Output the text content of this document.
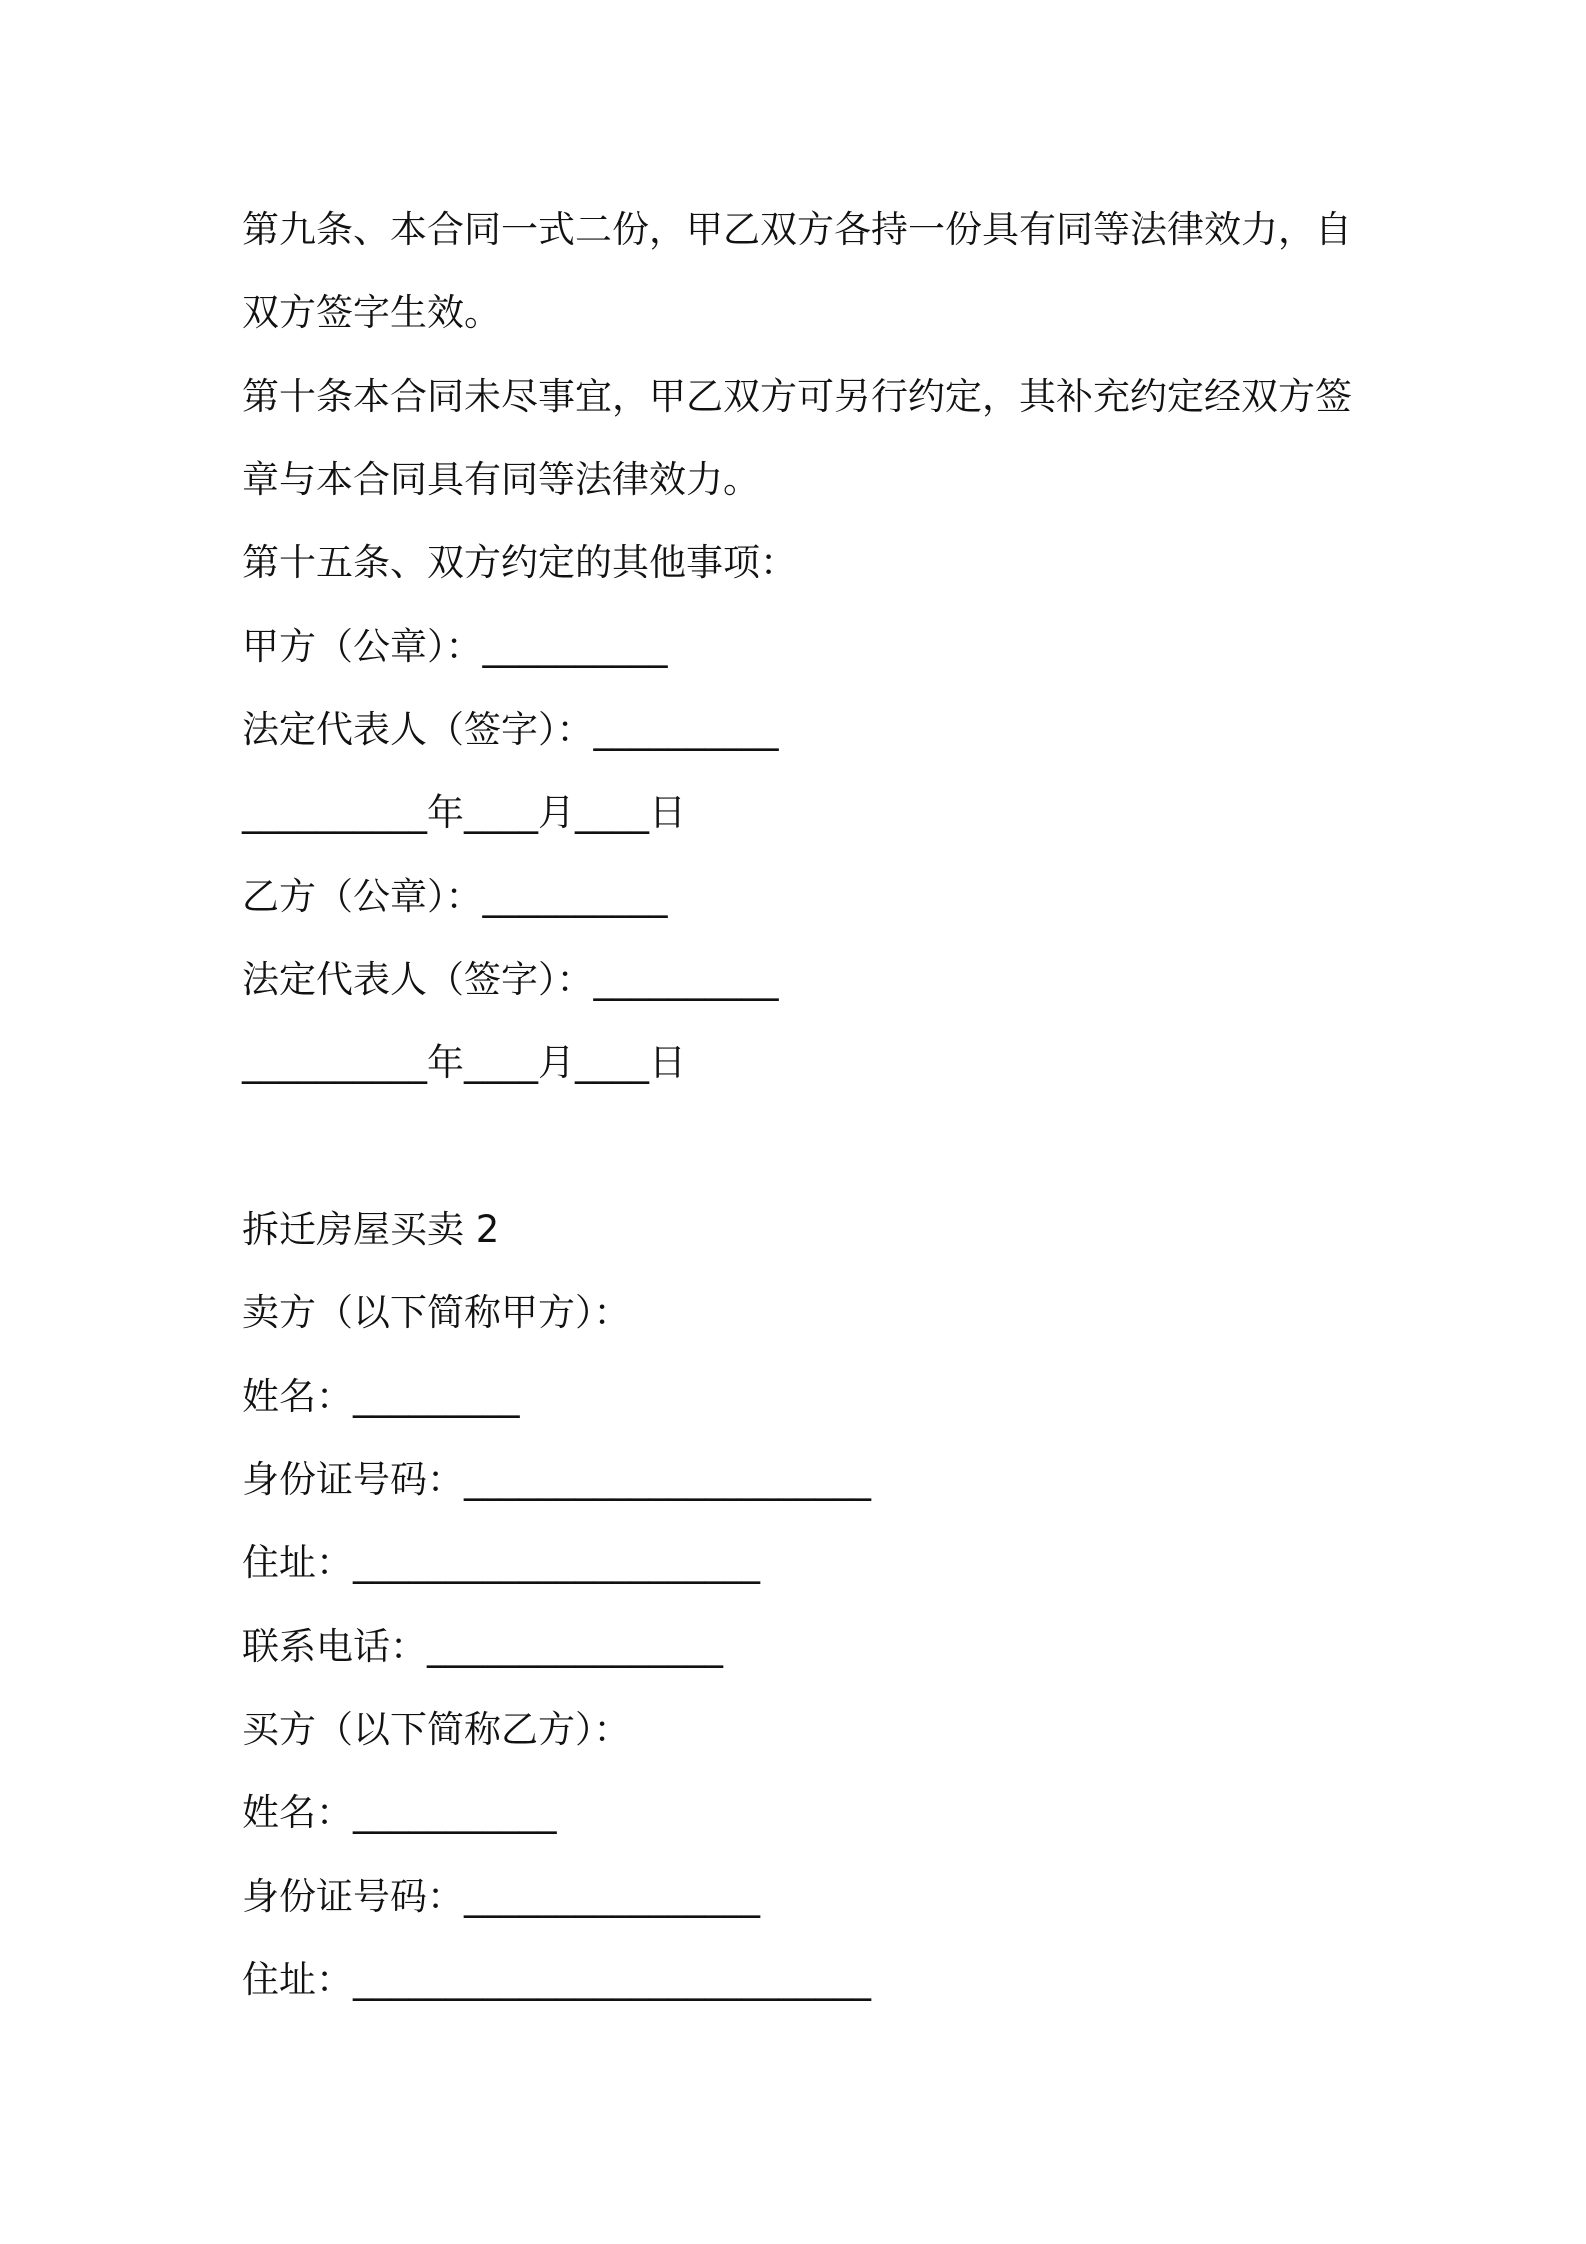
第九条、本合同一式二份，甲乙双方各持一份具有同等法律效力，自
双方签字生效。
第十条本合同未尽事宜，甲乙双方可另行约定，其补充约定经双方签
章与本合同具有同等法律效力。
第十五条、双方约定的其他事项：
甲方（公章）：__________
法定代表人（签字）：__________
__________年____月____日
乙方（公章）：__________
法定代表人（签字）：__________
__________年____月____日
拆迁房屋买卖 2
卖方（以下简称甲方）：
姓名：_________
身份证号码：______________________
住址：______________________
联系电话：________________
买方（以下简称乙方）：
姓名：___________
身份证号码：________________
住址：____________________________
